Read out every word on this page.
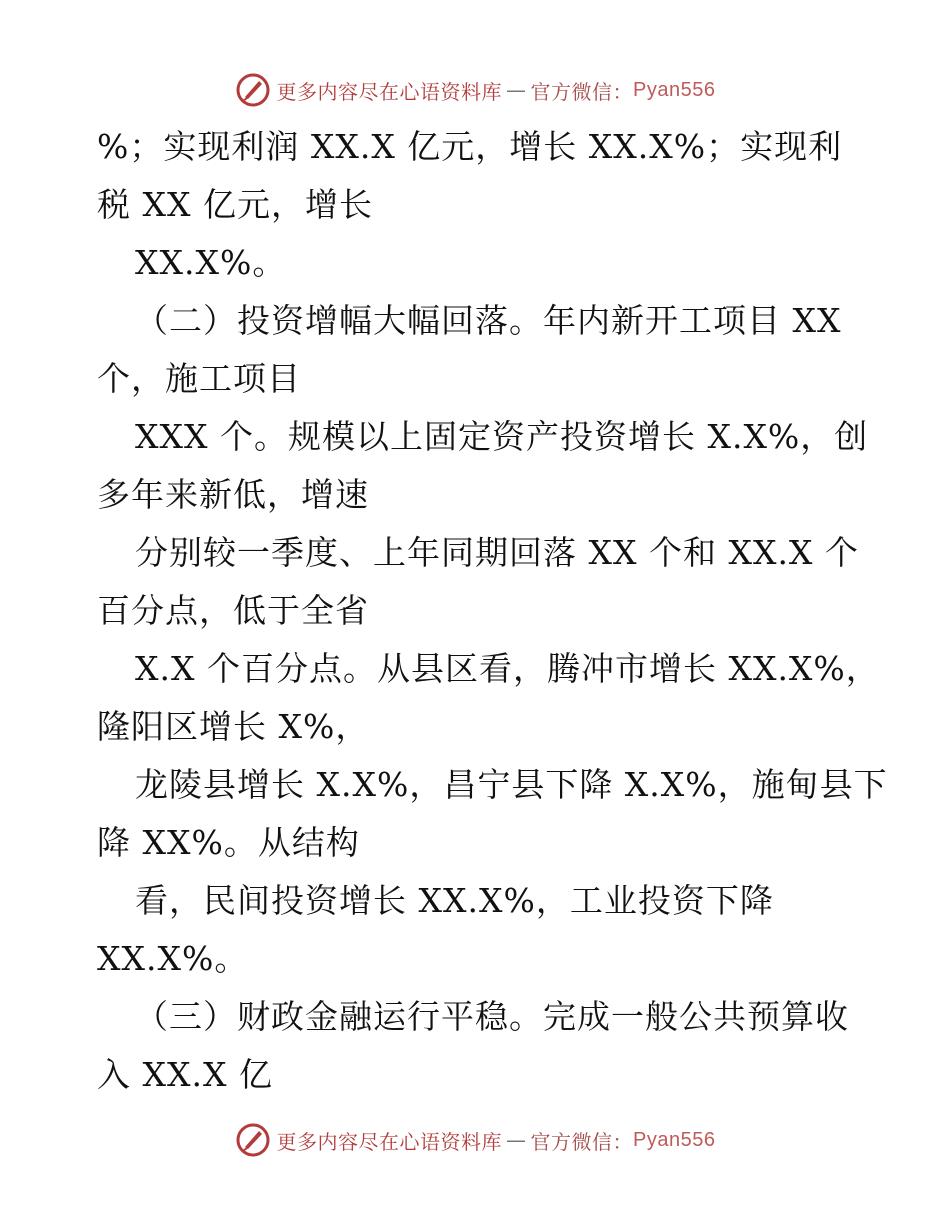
更多内容尽在心语资料库 — 官方微信： Pyan556
%；实现利润 XX.X 亿元，增长 XX.X%；实现利
税 XX 亿元，增长
XX.X%。
（二）投资增幅大幅回落。年内新开工项目 XX
个，施工项目
XXX 个。规模以上固定资产投资增长 X.X%，创
多年来新低，增速
分别较一季度、上年同期回落 XX 个和 XX.X 个
百分点，低于全省
X.X 个百分点。从县区看，腾冲市增长 XX.X%，
隆阳区增长 X%，
龙陵县增长 X.X%，昌宁县下降 X.X%，施甸县下
降 XX%。从结构
看，民间投资增长 XX.X%，工业投资下降
XX.X%。
（三）财政金融运行平稳。完成一般公共预算收
入 XX.X 亿
更多内容尽在心语资料库 — 官方微信： Pyan556
